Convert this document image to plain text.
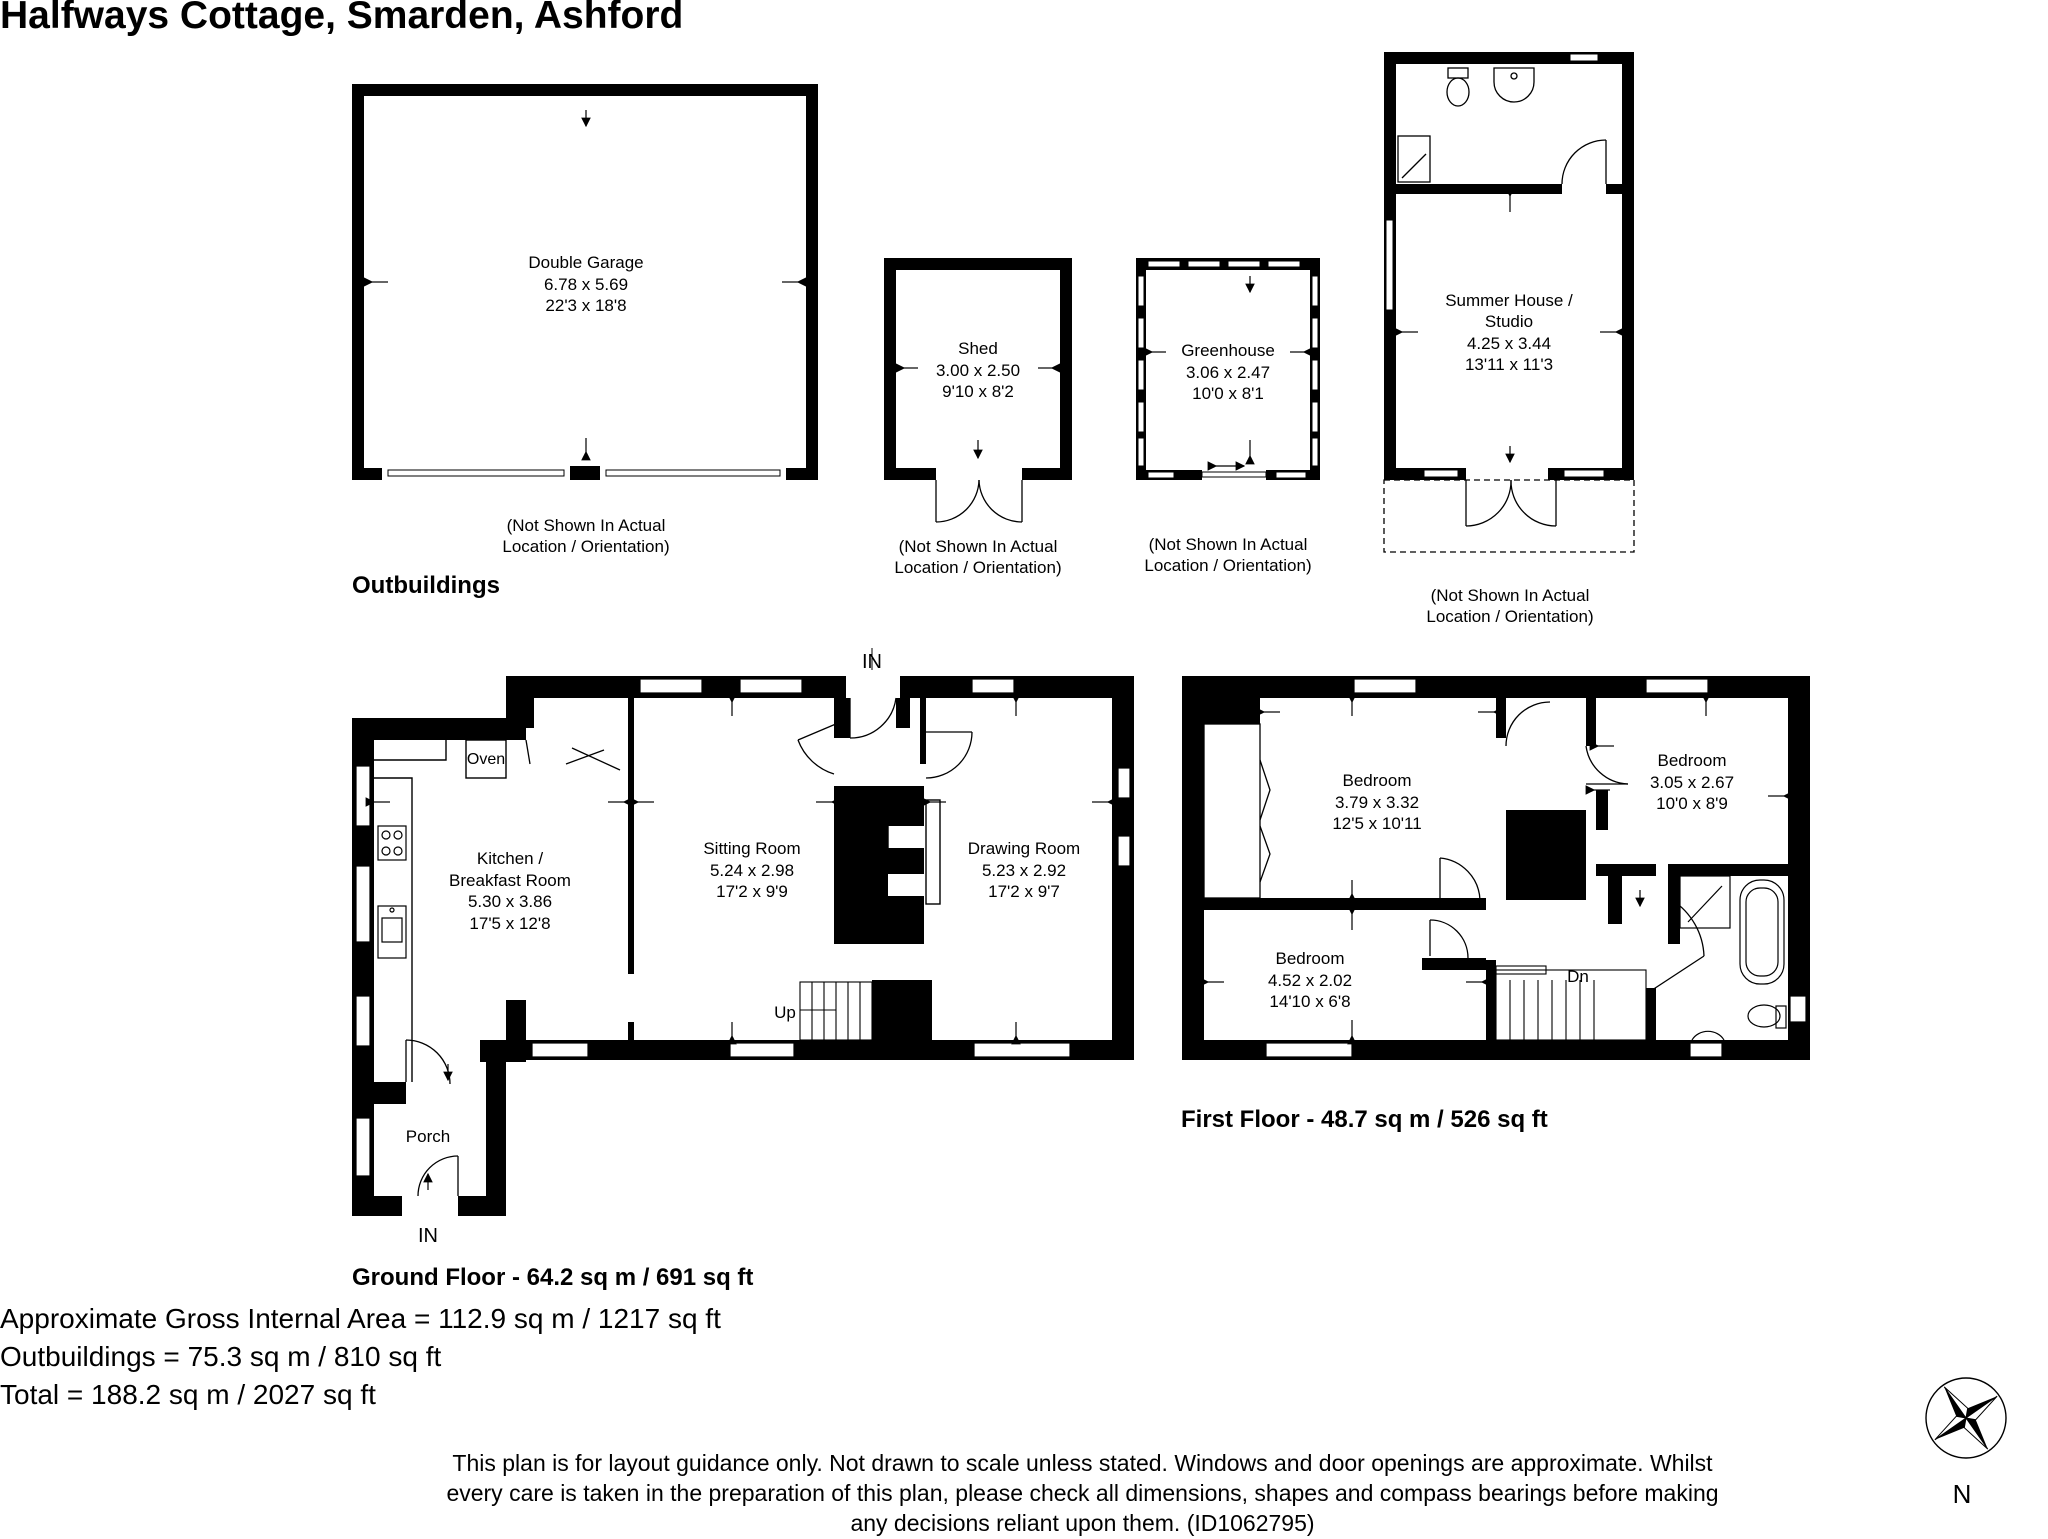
Halfways Cottage, Smarden, Ashford
Outbuildings
Ground Floor - 64.2 sq m / 691 sq ft
First Floor - 48.7 sq m / 526 sq ft
Double Garage
6.78 x 5.69
22'3 x 18'8
(Not Shown In Actual
Location / Orientation)
Shed
3.00 x 2.50
9'10 x 8'2
(Not Shown In Actual
Location / Orientation)
Greenhouse
3.06 x 2.47
10'0 x 8'1
(Not Shown In Actual
Location / Orientation)
Summer House /
Studio
4.25 x 3.44
13'11 x 11'3
(Not Shown In Actual
Location / Orientation)
IN
IN
Oven
Up
Kitchen /
Breakfast Room
5.30 x 3.86
17'5 x 12'8
Sitting Room
5.24 x 2.98
17'2 x 9'9
Drawing Room
5.23 x 2.92
17'2 x 9'7
Porch
Dn
Bedroom
3.79 x 3.32
12'5 x 10'11
Bedroom
3.05 x 2.67
10'0 x 8'9
Bedroom
4.52 x 2.02
14'10 x 6'8
N

Approximate Gross Internal Area = 112.9 sq m / 1217 sq ft

Outbuildings = 75.3 sq m / 810 sq ft

Total = 188.2 sq m / 2027 sq ft

This plan is for layout guidance only. Not drawn to scale unless stated. Windows and door openings are approximate. Whilst every care is taken in the preparation of this plan, please check all dimensions, shapes and compass bearings before making any decisions reliant upon them. (ID1062795)
